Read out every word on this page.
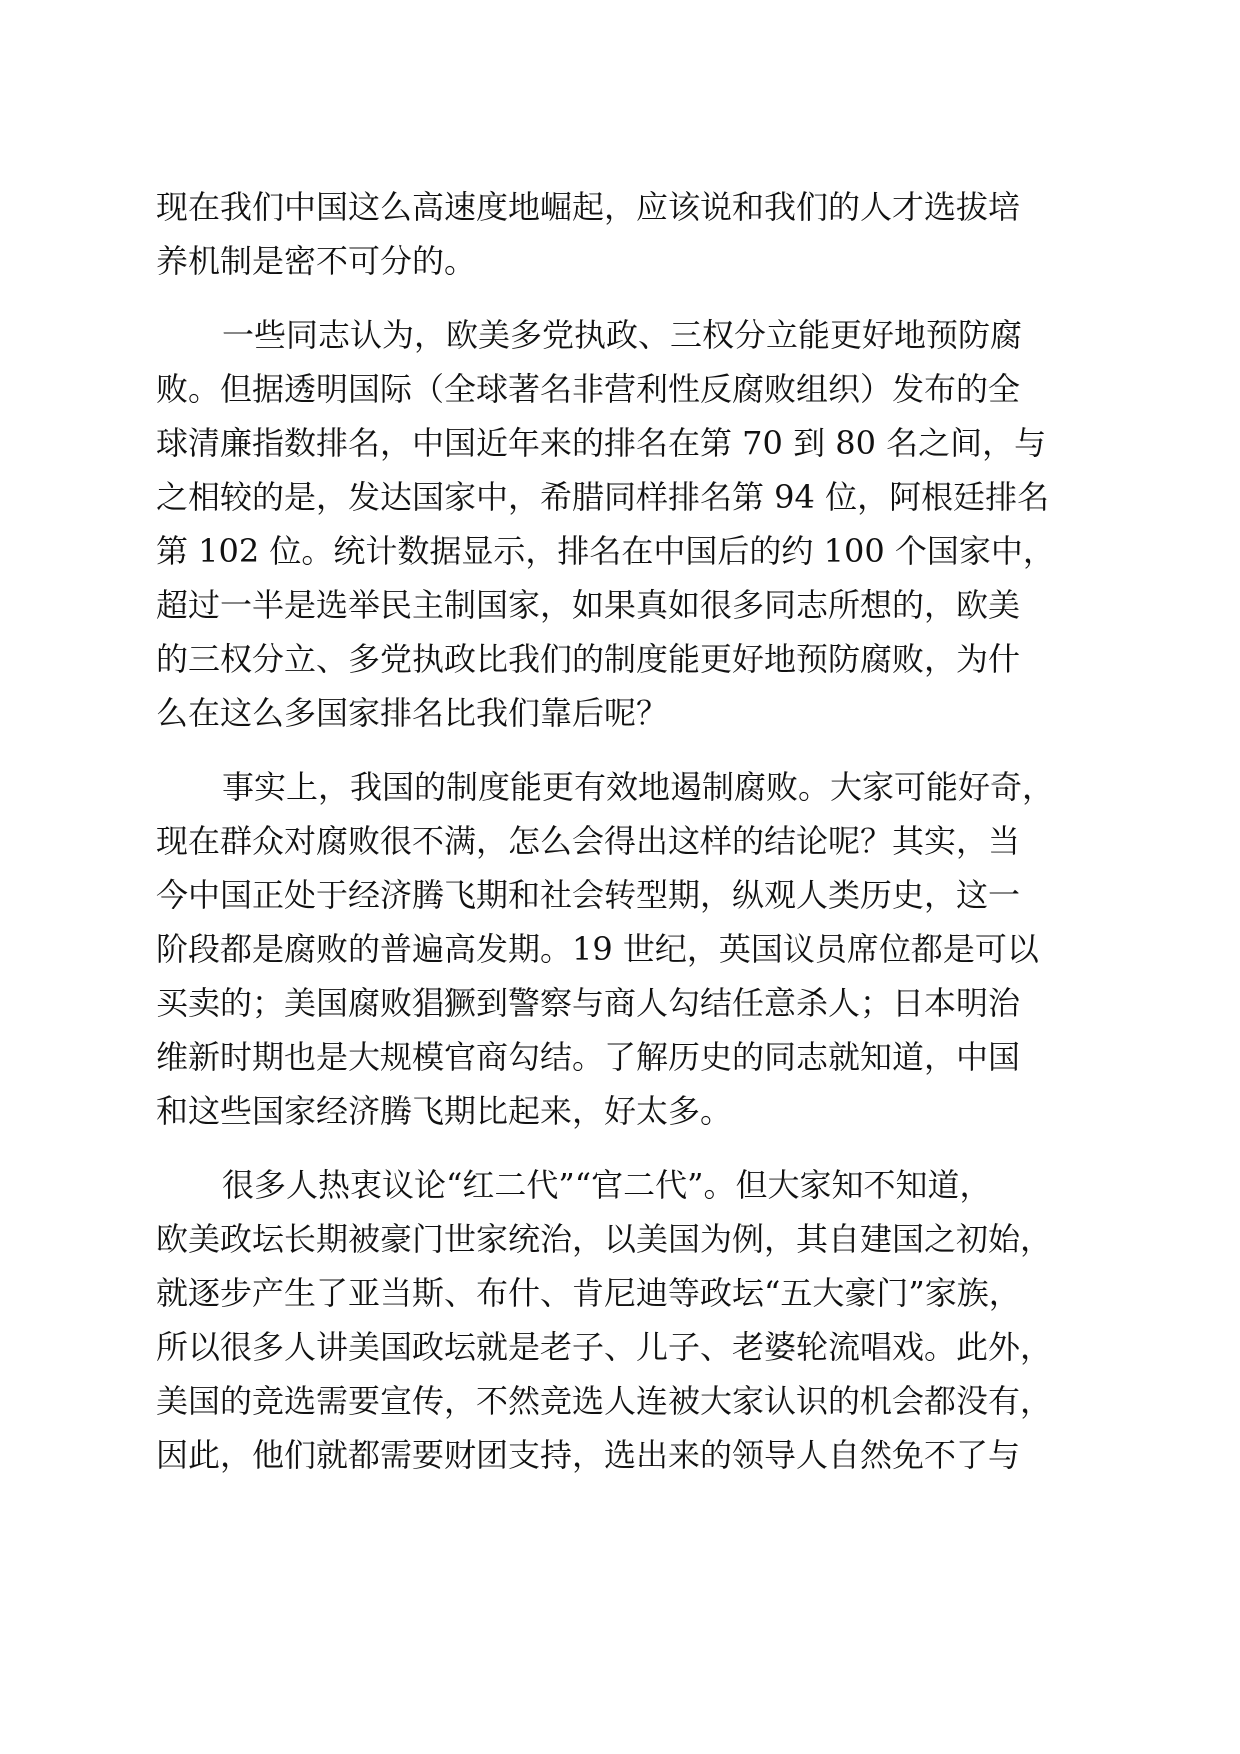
现在我们中国这么高速度地崛起，应该说和我们的人才选拔培
养机制是密不可分的。

一些同志认为，欧美多党执政、三权分立能更好地预防腐
败。但据透明国际（全球著名非营利性反腐败组织）发布的全
球清廉指数排名，中国近年来的排名在第 70 到 80 名之间，与
之相较的是，发达国家中，希腊同样排名第 94 位，阿根廷排名
第 102 位。统计数据显示，排名在中国后的约 100 个国家中，
超过一半是选举民主制国家，如果真如很多同志所想的，欧美
的三权分立、多党执政比我们的制度能更好地预防腐败，为什
么在这么多国家排名比我们靠后呢？

事实上，我国的制度能更有效地遏制腐败。大家可能好奇，
现在群众对腐败很不满，怎么会得出这样的结论呢？其实，当
今中国正处于经济腾飞期和社会转型期，纵观人类历史，这一
阶段都是腐败的普遍高发期。19 世纪，英国议员席位都是可以
买卖的；美国腐败猖獗到警察与商人勾结任意杀人；日本明治
维新时期也是大规模官商勾结。了解历史的同志就知道，中国
和这些国家经济腾飞期比起来，好太多。

很多人热衷议论“红二代”“官二代”。但大家知不知道，
欧美政坛长期被豪门世家统治，以美国为例，其自建国之初始，
就逐步产生了亚当斯、布什、肯尼迪等政坛“五大豪门”家族，
所以很多人讲美国政坛就是老子、儿子、老婆轮流唱戏。此外，
美国的竞选需要宣传，不然竞选人连被大家认识的机会都没有，
因此，他们就都需要财团支持，选出来的领导人自然免不了与
